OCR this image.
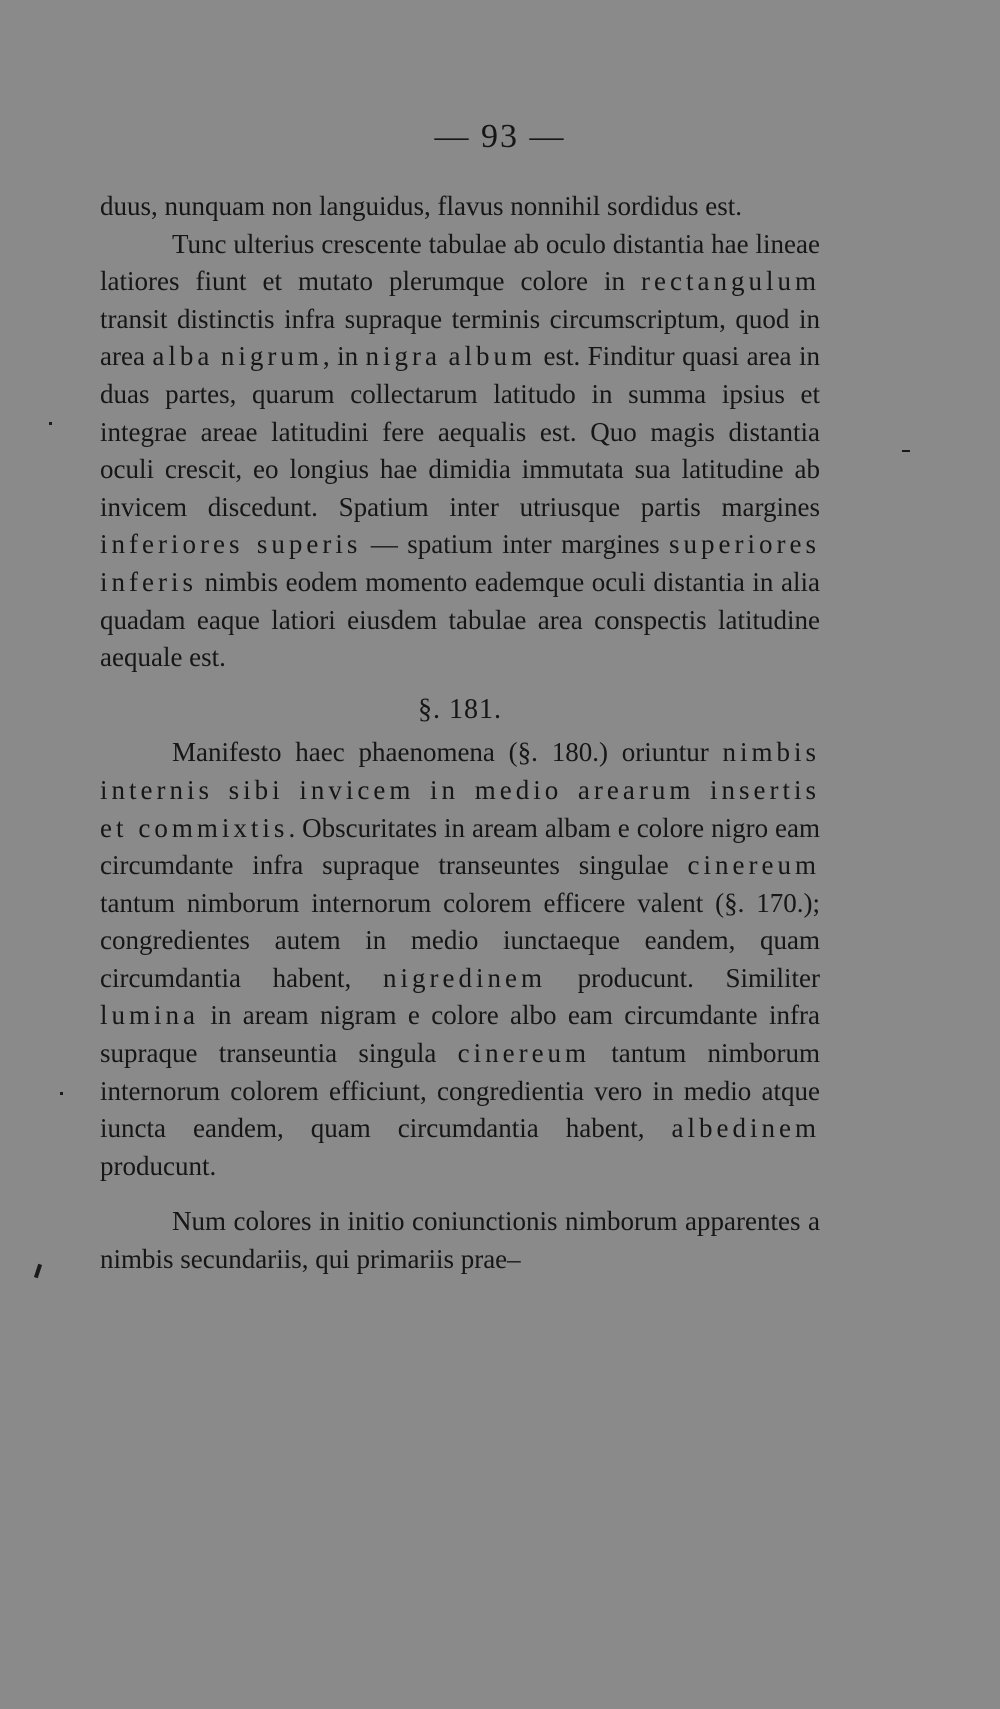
— 93 —

duus, nunquam non languidus, flavus nonnihil sordidus est.

Tunc ulterius crescente tabulae ab oculo distantia hae lineae latiores fiunt et mutato plerumque colore in rectangulum transit distinctis infra supraque terminis circumscriptum, quod in area alba nigrum, in nigra album est. Finditur quasi area in duas partes, quarum collectarum latitudo in summa ipsius et integrae areae latitudini fere aequalis est. Quo magis distantia oculi crescit, eo longius hae dimidia immutata sua latitudine ab invicem discedunt. Spatium inter utriusque partis margines inferiores superis — spatium inter margines superiores inferis nimbis eodem momento eademque oculi distantia in alia quadam eaque latiori eiusdem tabulae area conspectis latitudine aequale est.

§. 181.

Manifesto haec phaenomena (§. 180.) oriuntur nimbis internis sibi invicem in medio arearum insertis et commixtis. Obscuritates in aream albam e colore nigro eam circumdante infra supraque transeuntes singulae cinereum tantum nimborum internorum colorem efficere valent (§. 170.); congredientes autem in medio iunctaeque eandem, quam circumdantia habent, nigredinem producunt. Similiter lumina in aream nigram e colore albo eam circumdante infra supraque transeuntia singula cinereum tantum nimborum internorum colorem efficiunt, congredientia vero in medio atque iuncta eandem, quam circumdantia habent, albedinem producunt.

Num colores in initio coniunctionis nimborum apparentes a nimbis secundariis, qui primariis prae–
